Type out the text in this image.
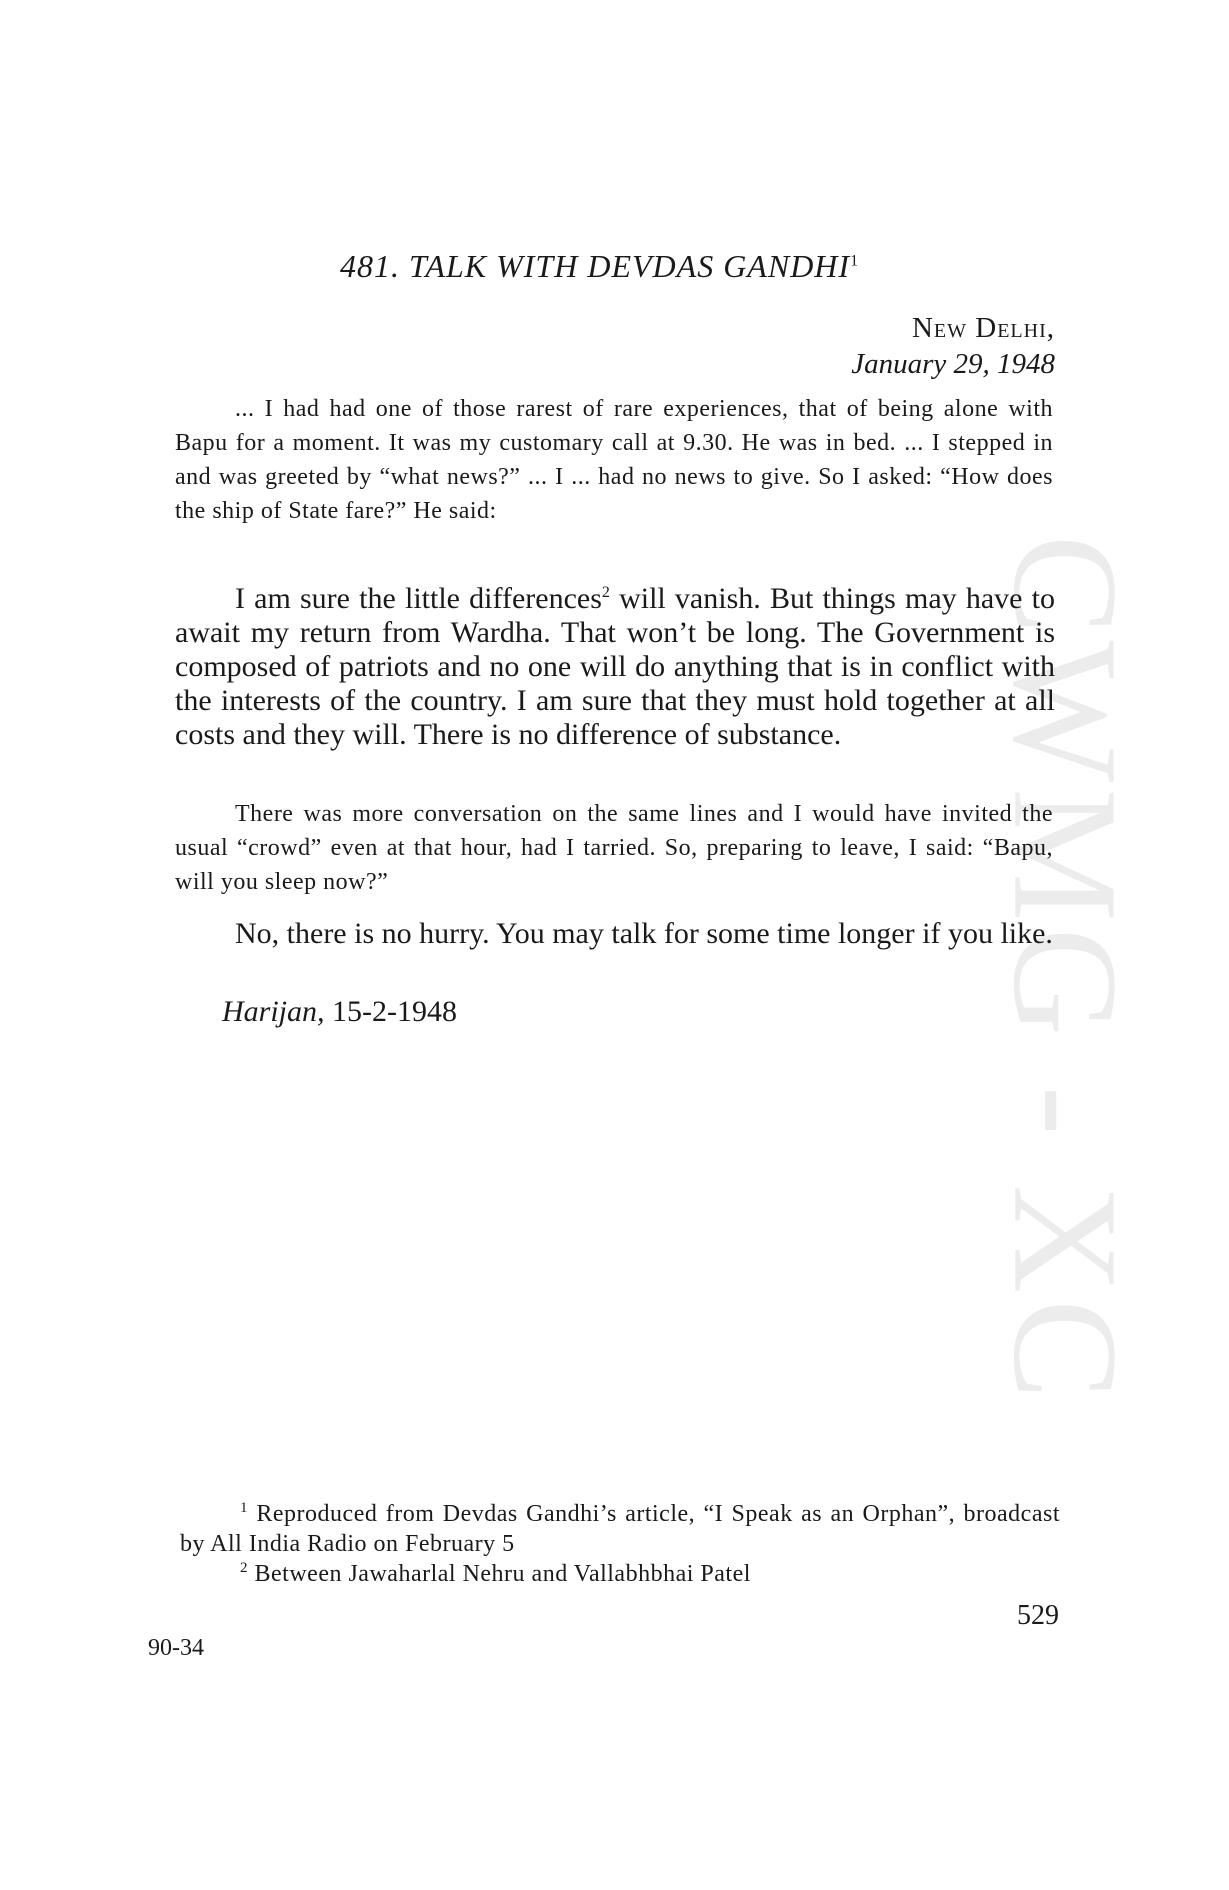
CWMG - XC
481. TALK WITH DEVDAS GANDHI$^1$
New Delhi,
January 29, 1948

... I had had one of those rarest of rare experiences, that of being alone with Bapu for a moment. It was my customary call at 9.30. He was in bed. ... I stepped in and was greeted by “what news?” ... I ... had no news to give. So I asked: “How does the ship of State fare?” He said:

I am sure the little differences$^2$ will vanish. But things may have to await my return from Wardha. That won’t be long. The Government is composed of patriots and no one will do anything that is in conflict with the interests of the country. I am sure that they must hold together at all costs and they will. There is no difference of substance.

There was more conversation on the same lines and I would have invited the usual “crowd” even at that hour, had I tarried. So, preparing to leave, I said: “Bapu, will you sleep now?”

No, there is no hurry. You may talk for some time longer if you like.

Harijan, 15-2-1948

$^1$ Reproduced from Devdas Gandhi’s article, “I Speak as an Orphan”, broadcast by All India Radio on February 5

$^2$ Between Jawaharlal Nehru and Vallabhbhai Patel

529
90-34
